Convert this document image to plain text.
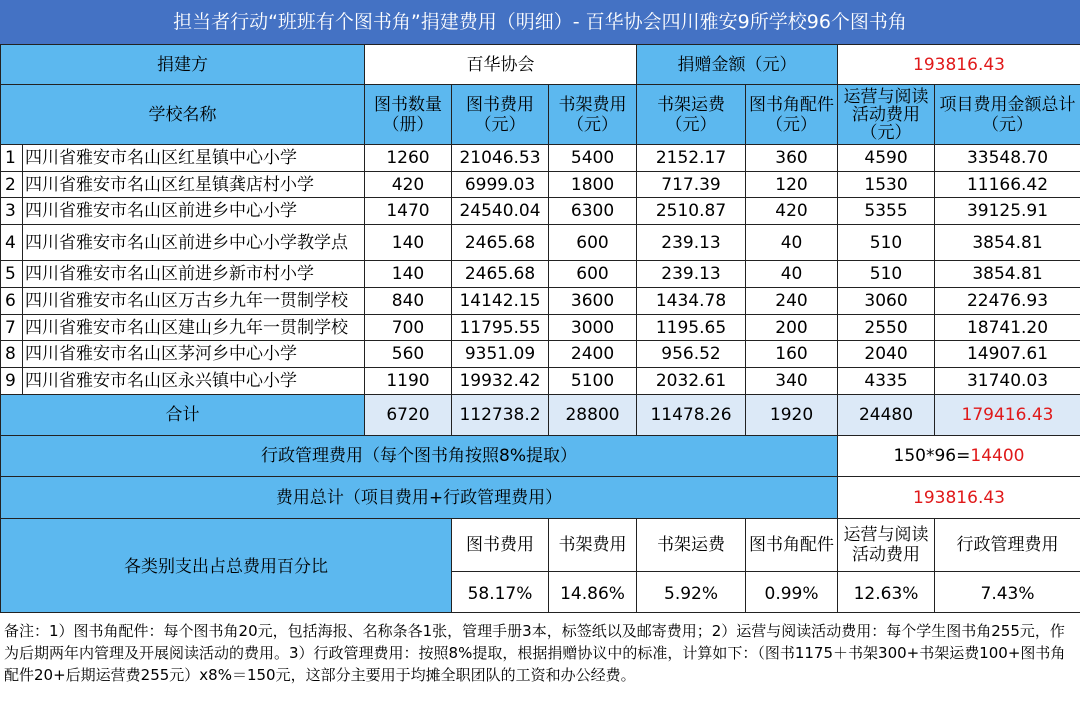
担当者行动“班班有个图书角”捐建费用（明细）- 百华协会四川雅安9所学校96个图书角
捐建方		百华协会			捐赠金额（元）		193816.43	
学校名称		图书数量（册）	图书费用（元）	书架费用（元）	书架运费（元）	图书角配件（元）	运营与阅读活动费用（元）	项目费用金额总计（元）
1	四川省雅安市名山区红星镇中心小学	1260	21046.53	5400	2152.17	360	4590	33548.70
2	四川省雅安市名山区红星镇龚店村小学	420	6999.03	1800	717.39	120	1530	11166.42
3	四川省雅安市名山区前进乡中心小学	1470	24540.04	6300	2510.87	420	5355	39125.91
4	四川省雅安市名山区前进乡中心小学教学点	140	2465.68	600	239.13	40	510	3854.81
5	四川省雅安市名山区前进乡新市村小学	140	2465.68	600	239.13	40	510	3854.81
6	四川省雅安市名山区万古乡九年一贯制学校	840	14142.15	3600	1434.78	240	3060	22476.93
7	四川省雅安市名山区建山乡九年一贯制学校	700	11795.55	3000	1195.65	200	2550	18741.20
8	四川省雅安市名山区茅河乡中心小学	560	9351.09	2400	956.52	160	2040	14907.61
9	四川省雅安市名山区永兴镇中心小学	1190	19932.42	5100	2032.61	340	4335	31740.03
合计		6720	112738.2	28800	11478.26	1920	24480	179416.43
行政管理费用（每个图书角按照8%提取）							150*96=14400	
费用总计（项目费用+行政管理费用）							193816.43	
各类别支出占总费用百分比			图书费用	书架费用	书架运费	图书角配件	运营与阅读活动费用	行政管理费用
			58.17%	14.86%	5.92%	0.99%	12.63%	7.43%
备注：1）图书角配件：每个图书角20元，包括海报、名称条各1张，管理手册3本，标签纸以及邮寄费用；2）运营与阅读活动费用：每个学生图书角255元，作为后期两年内管理及开展阅读活动的费用。3）行政管理费用：按照8%提取，根据捐赠协议中的标准，计算如下：（图书1175＋书架300+书架运费100+图书角配件20+后期运营费255元）x8%＝150元，这部分主要用于均摊全职团队的工资和办公经费。
